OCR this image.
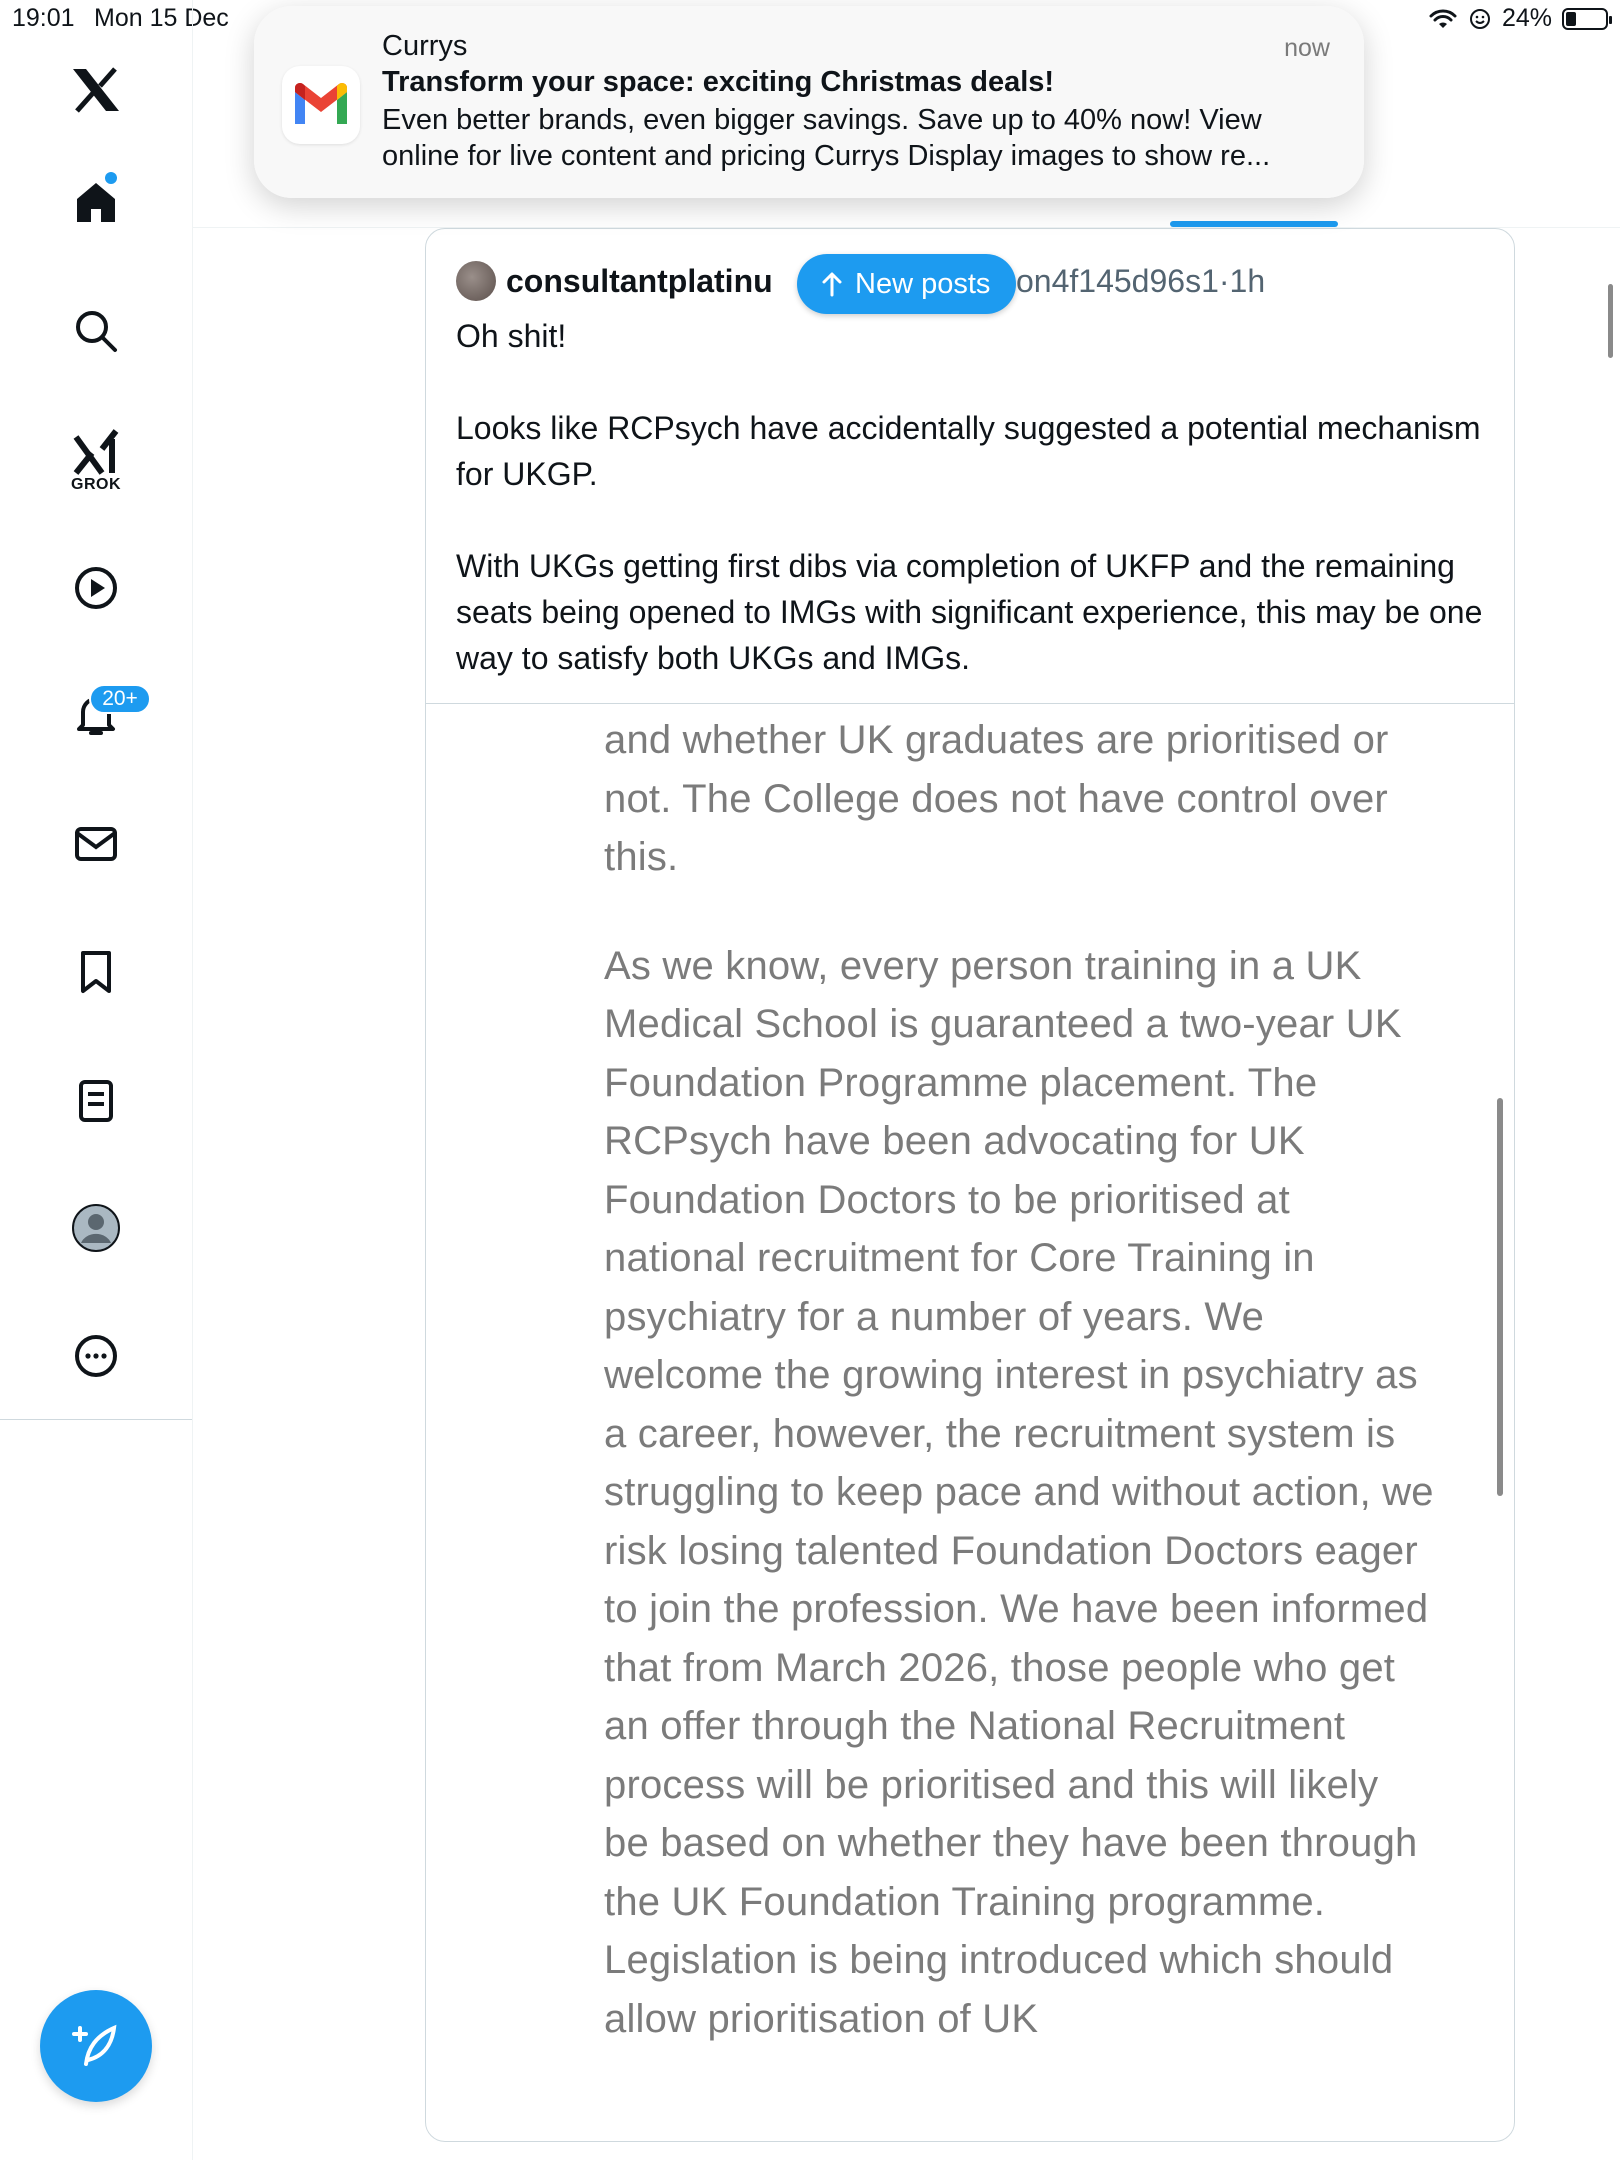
19:01 Mon 15 Dec	24%
GROK
20+
consultantplatinu	on4f145d96s1·1h

Oh shit!

Looks like RCPsych have accidentally suggested a potential mechanism for UKGP.

With UKGs getting first dibs via completion of UKFP and the remaining seats being opened to IMGs with significant experience, this may be one way to satisfy both UKGs and IMGs.

and whether UK graduates are prioritised or not. The College does not have control over this.

As we know, every person training in a UK Medical School is guaranteed a two-year UK Foundation Programme placement. The RCPsych have been advocating for UK Foundation Doctors to be prioritised at national recruitment for Core Training in psychiatry for a number of years. We welcome the growing interest in psychiatry as a career, however, the recruitment system is struggling to keep pace and without action, we risk losing talented Foundation Doctors eager to join the profession. We have been informed that from March 2026, those people who get an offer through the National Recruitment process will be prioritised and this will likely be based on whether they have been through the UK Foundation Training programme. Legislation is being introduced which should allow prioritisation of UK

New posts
Currys	now
Transform your space: exciting Christmas deals!
Even better brands, even bigger savings. Save up to 40% now! View online for live content and pricing Currys Display images to show re...
